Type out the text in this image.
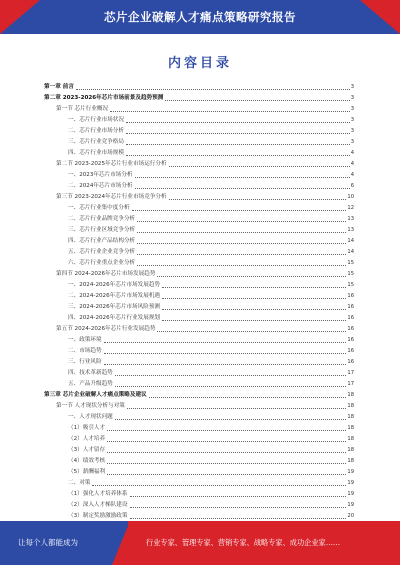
芯片企业破解人才痛点策略研究报告
内容目录
第一章 前言	3
第二章 2023-2026年芯片市场前景及趋势预测	3
第一节 芯片行业概况	3
一、芯片行业市场状况	3
二、芯片行业市场分析	3
三、芯片行业竞争格局	3
四、芯片行业市场规模	4
第二节 2023-2025年芯片行业市场运行分析	4
一、2023年芯片市场分析	4
二、2024年芯片市场分析	6
第三节 2023-2024年芯片行业市场竞争分析	10
一、芯片行业集中度分析	12
二、芯片行业品牌竞争分析	13
三、芯片行业区域竞争分析	13
四、芯片行业产品结构分析	14
五、芯片行业企业竞争分析	14
六、芯片行业重点企业分析	15
第四节 2024-2026年芯片市场发展趋势	15
一、2024-2026年芯片市场发展趋势	15
二、2024-2026年芯片市场发展机遇	16
三、2024-2026年芯片市场风险预测	16
四、2024-2026年芯片行业发展规划	16
第五节 2024-2026年芯片行业发展趋势	16
一、政策环境	16
二、市场趋势	16
三、行业风险	16
四、技术革新趋势	17
五、产品升级趋势	17
第三章 芯片企业破解人才痛点策略及建议	18
第一节 人才现状分析与对策	18
一、人才现状问题	18
（1）吸引人才	18
（2）人才培养	18
（3）人才留存	18
（4）绩效考核	18
（5）薪酬福利	19
二、对策	19
（1）强化人才培养体系	19
（2）深入人才梯队建设	19
（3）制定奖励激励政策	20
让每个人都能成为	行业专家、管理专家、营销专家、战略专家、成功企业家……
